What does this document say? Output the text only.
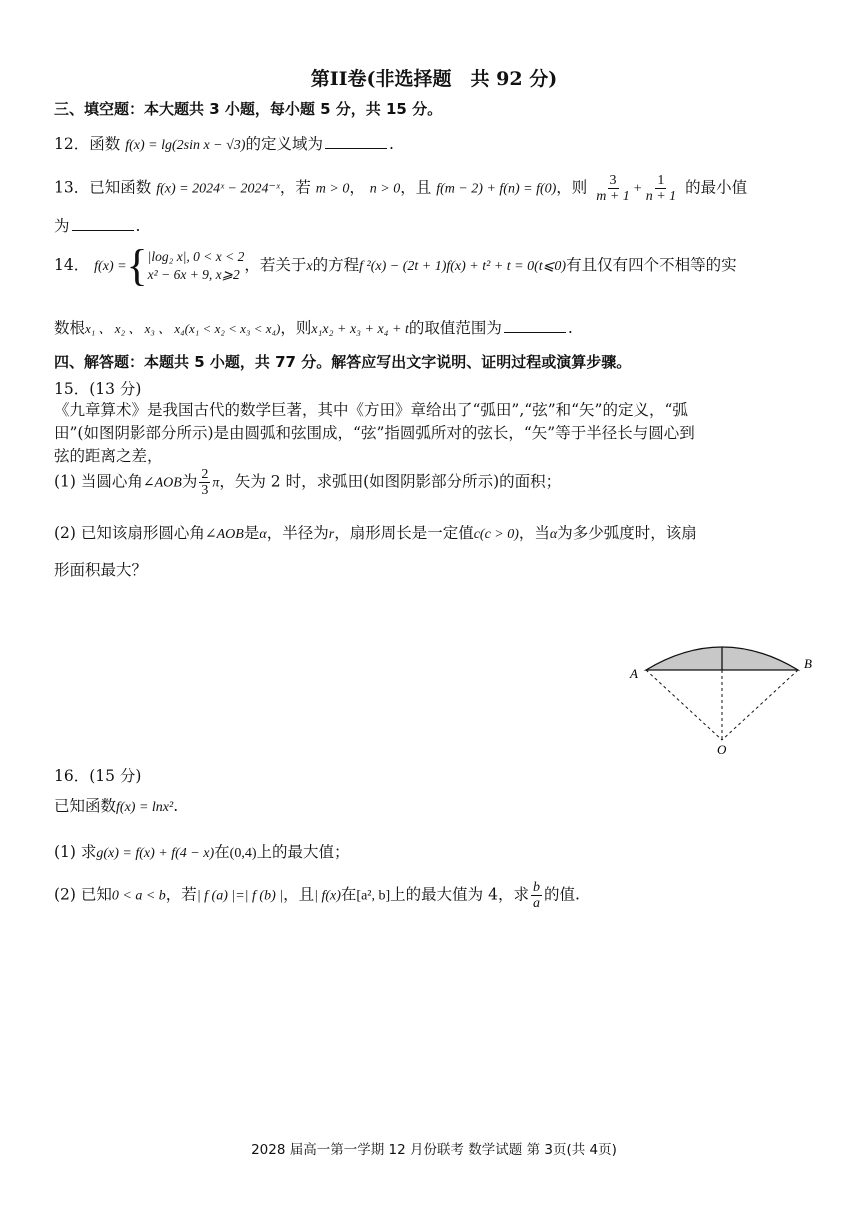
第II卷(非选择题　共 92 分)
三、填空题：本大题共 3 小题，每小题 5 分，共 15 分。
12．函数 f(x) = lg(2sin x − √3)的定义域为	.
13．已知函数 f(x) = 2024ˣ − 2024⁻ˣ，若 m > 0， n > 0，且 f(m − 2) + f(n) = f(0)，则 $\frac{3}{m + 1} + \frac{1}{n + 1}$ 的最小值
为	.
14． f(x) ={ |log₂ x|, 0 < x < 2
x² − 6x + 9, x⩾2
，若关于x的方程f ²(x) − (2t + 1)f(x) + t² + t = 0(t⩽0)有且仅有四个不相等的实
数根x₁ 、 x₂ 、 x₃ 、 x₄(x₁ < x₂ < x₃ < x₄)，则x₁x₂ + x₃ + x₄ + t的取值范围为	.
四、解答题：本题共 5 小题，共 77 分。解答应写出文字说明、证明过程或演算步骤。
15．(13 分)
《九章算术》是我国古代的数学巨著，其中《方田》章给出了“弧田”,“弦”和“矢”的定义，“弧
田”(如图阴影部分所示)是由圆弧和弦围成，“弦”指圆弧所对的弦长，“矢”等于半径长与圆心到
弦的距离之差，
(1) 当圆心角∠AOB为 $\frac{2}{3}$ π，矢为 2 时，求弧田(如图阴影部分所示)的面积；
(2) 已知该扇形圆心角∠AOB是α，半径为r，扇形周长是一定值c(c > 0)，当α为多少弧度时，该扇
形面积最大？
A
B
O
16．(15 分)
已知函数f(x) = lnx².
(1) 求g(x) = f(x) + f(4 − x)在(0,4)上的最大值；
(2) 已知0 < a < b，若| f (a) |=| f (b) |，且| f(x)在[a², b]上的最大值为 4，求 $\frac{b}{a}$ 的值.
2028 届高一第一学期 12 月份联考 数学试题 第 3页(共 4页)
